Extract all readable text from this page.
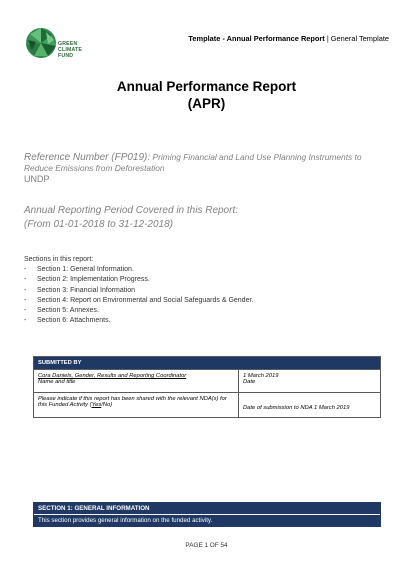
GREEN
CLIMATE
FUND
Template - Annual Performance Report | General Template
Annual Performance Report
(APR)
Reference Number (FP019): Priming Financial and Land Use Planning Instruments to Reduce Emissions from Deforestation
UNDP
Annual Reporting Period Covered in this Report:
(From 01-01-2018 to 31-12-2018)
Sections in this report:
- Section 1: General Information.
- Section 2: Implementation Progress.
- Section 3: Financial Information
- Section 4: Report on Environmental and Social Safeguards & Gender.
- Section 5: Annexes.
- Section 6: Attachments.
SUBMITTED BY
Cora Daniels, Gender, Results and Reporting Coordinator
Name and title
1 March 2019
Date
Please indicate if this report has been shared with the relevant NDA(s) for this Funded Activity (Yes/No)	Date of submission to NDA 1 March 2019
SECTION 1: GENERAL INFORMATION
This section provides general information on the funded activity.
PAGE 1 OF 54
